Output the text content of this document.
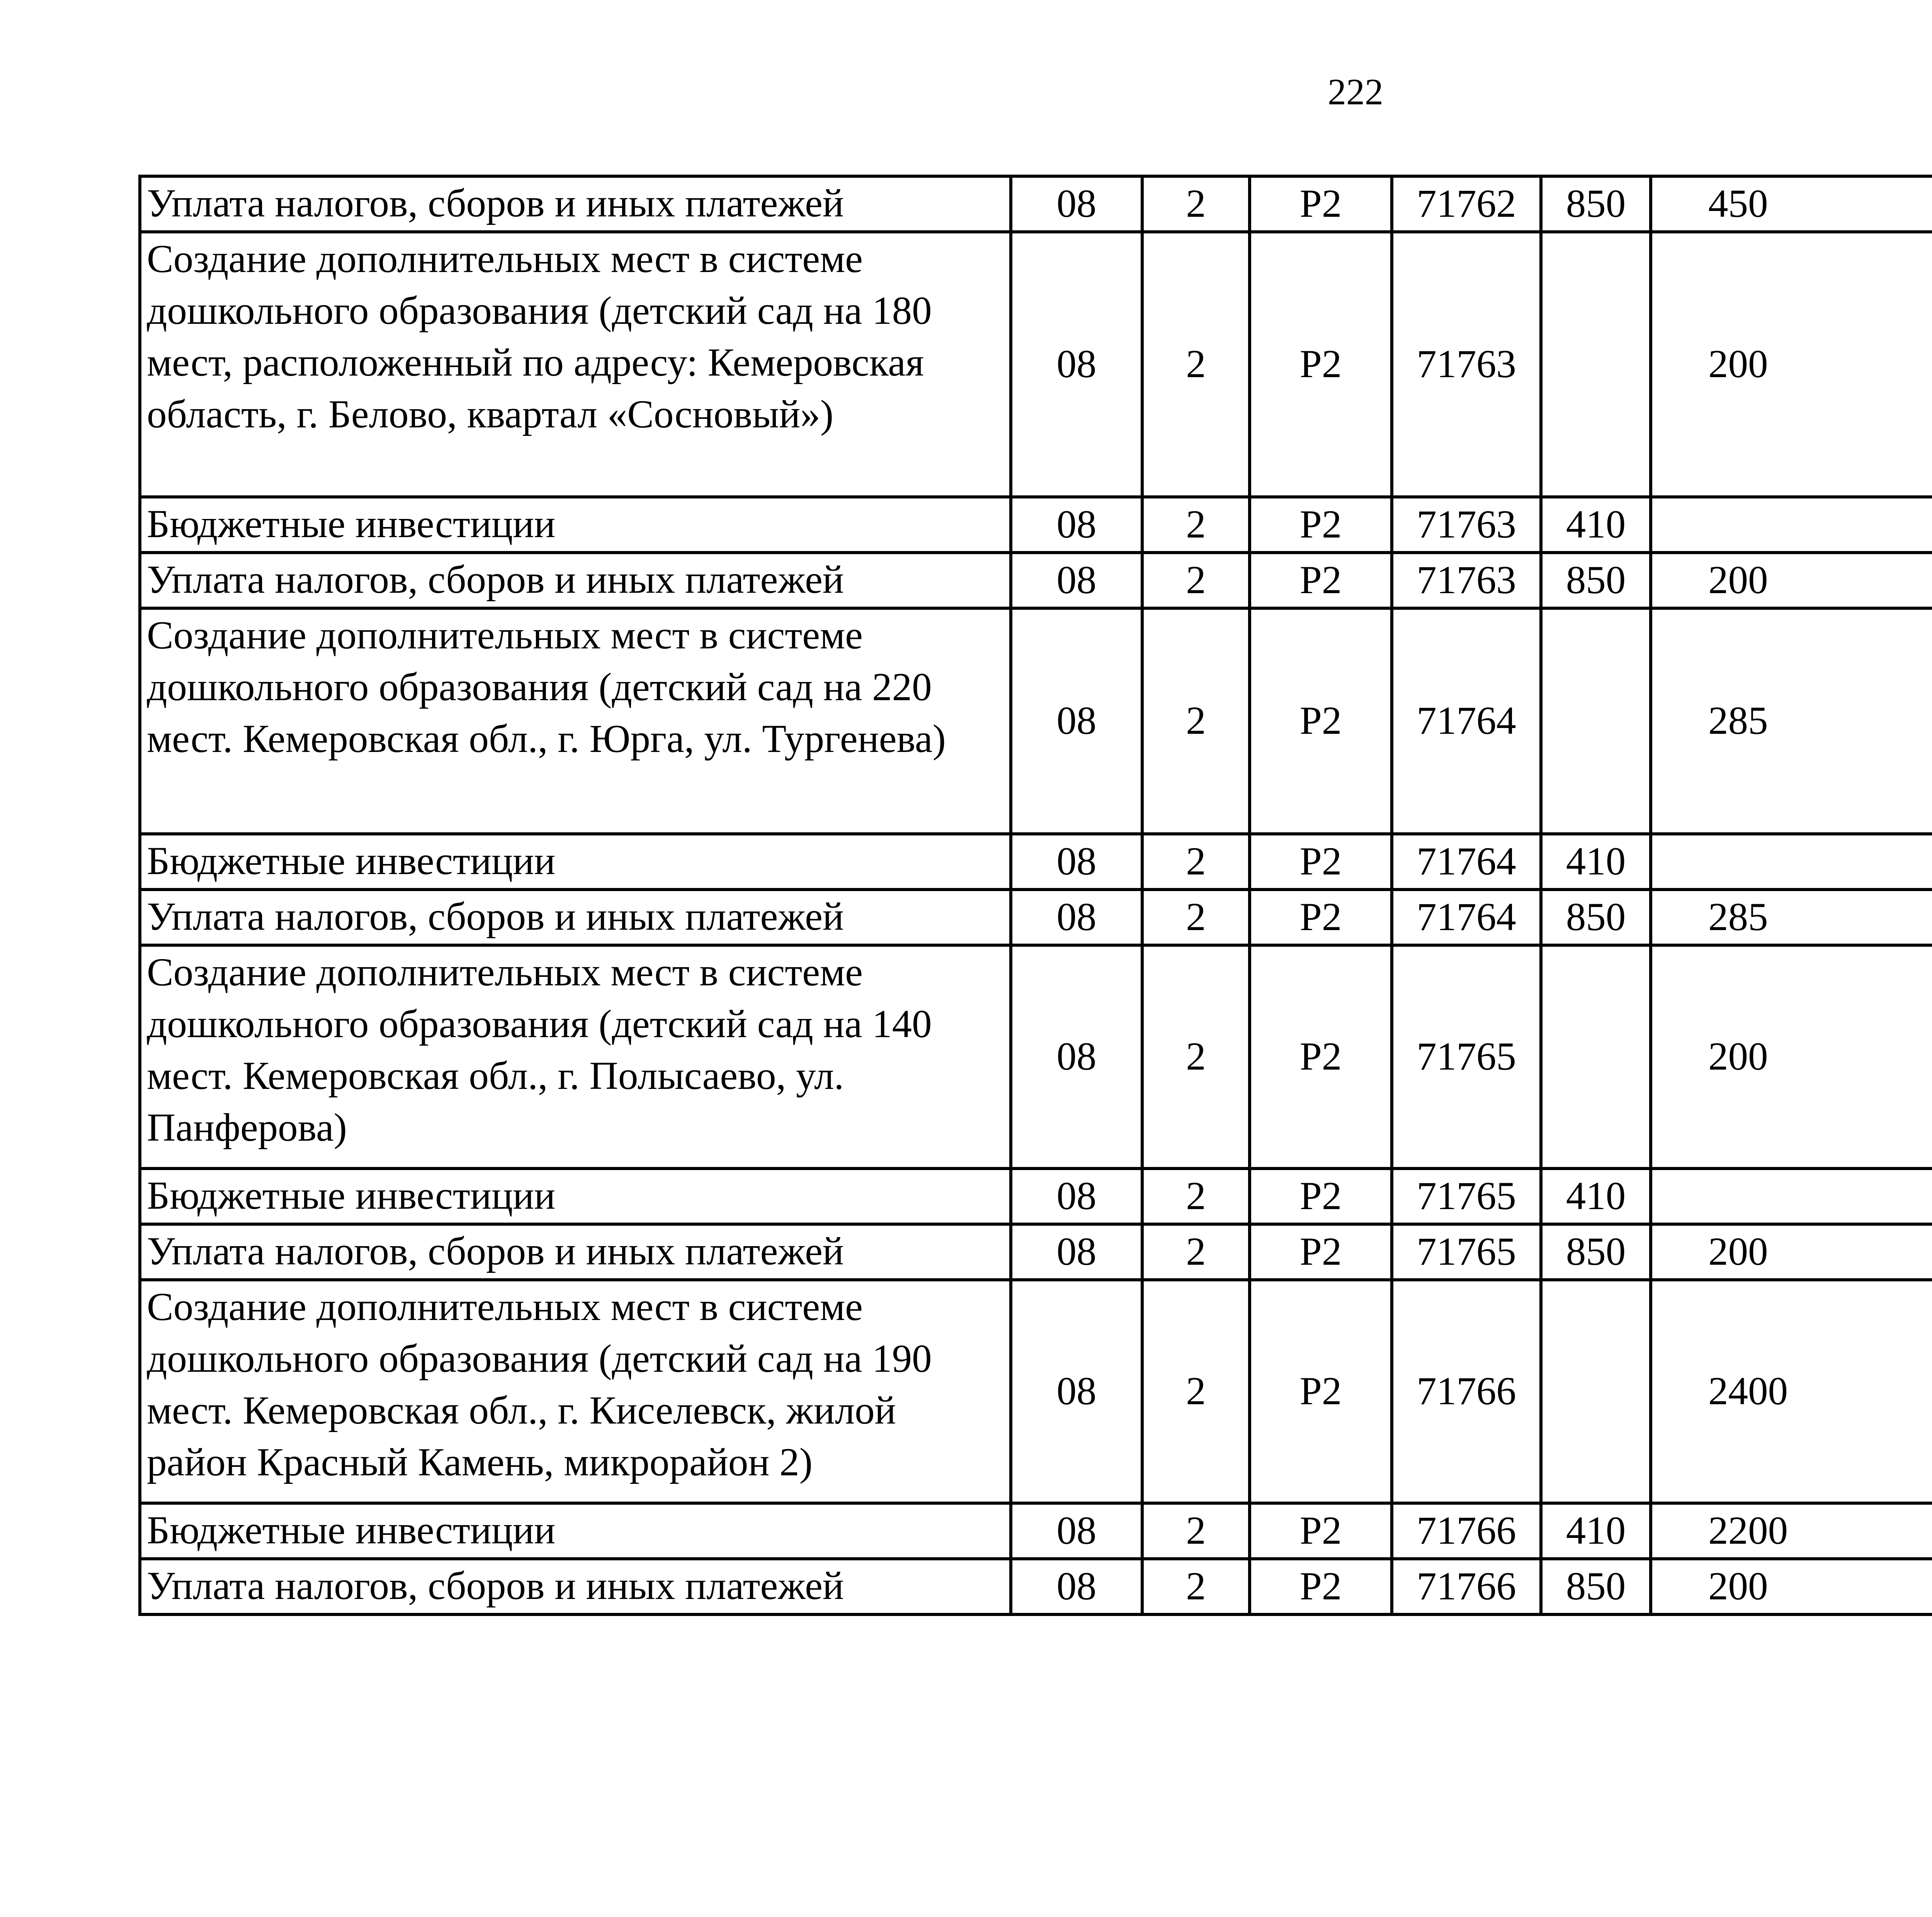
222
Уплата налогов, сборов и иных платежей	08	2	P2	71762	850	450		
Создание дополнительных мест в системе дошкольного образования (детский сад на 180 мест, расположенный по адресу: Кемеровская область, г. Белово, квартал «Сосновый»)	08	2	P2	71763		200		
Бюджетные инвестиции	08	2	P2	71763	410			
Уплата налогов, сборов и иных платежей	08	2	P2	71763	850	200		
Создание дополнительных мест в системе дошкольного образования (детский сад на 220 мест. Кемеровская обл., г. Юрга, ул. Тургенева)	08	2	P2	71764		285		
Бюджетные инвестиции	08	2	P2	71764	410			
Уплата налогов, сборов и иных платежей	08	2	P2	71764	850	285		
Создание дополнительных мест в системе дошкольного образования (детский сад на 140 мест. Кемеровская обл., г. Полысаево, ул. Панферова)	08	2	P2	71765		200		
Бюджетные инвестиции	08	2	P2	71765	410			
Уплата налогов, сборов и иных платежей	08	2	P2	71765	850	200		
Создание дополнительных мест в системе дошкольного образования (детский сад на 190 мест. Кемеровская обл., г. Киселевск, жилой район Красный Камень, микрорайон 2)	08	2	P2	71766		2400		
Бюджетные инвестиции	08	2	P2	71766	410	2200		
Уплата налогов, сборов и иных платежей	08	2	P2	71766	850	200		
